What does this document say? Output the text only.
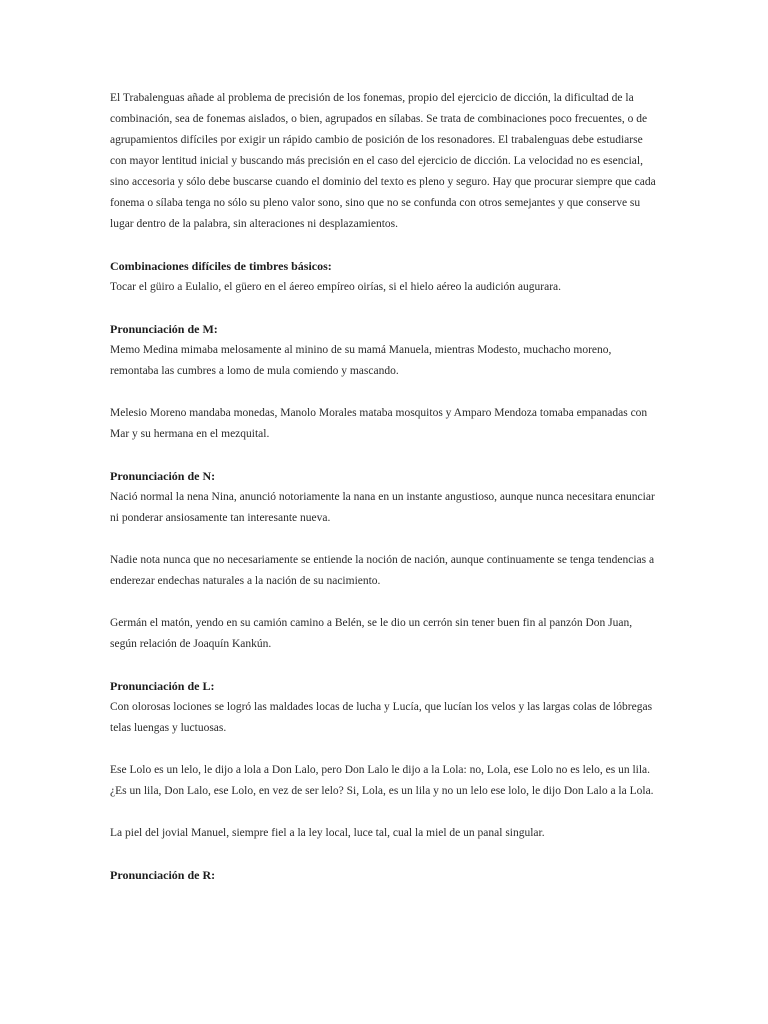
El Trabalenguas añade al problema de precisión de los fonemas, propio del ejercicio de dicción, la dificultad de la combinación, sea de fonemas aislados, o bien, agrupados en sílabas. Se trata de combinaciones poco frecuentes, o de agrupamientos difíciles por exigir un rápido cambio de posición de los resonadores. El trabalenguas debe estudiarse con mayor lentitud inicial y buscando más precisión en el caso del ejercicio de dicción. La velocidad no es esencial, sino accesoria y sólo debe buscarse cuando el dominio del texto es pleno y seguro. Hay que procurar siempre que cada fonema o sílaba tenga no sólo su pleno valor sono, sino que no se confunda con otros semejantes y que conserve su lugar dentro de la palabra, sin alteraciones ni desplazamientos.

Combinaciones difíciles de timbres básicos:

Tocar el güiro a Eulalio, el güero en el áereo empíreo oirías, si el hielo aéreo la audición augurara.

Pronunciación de M:

Memo Medina mimaba melosamente al minino de su mamá Manuela, mientras Modesto, muchacho moreno, remontaba las cumbres a lomo de mula comiendo y mascando.

Melesio Moreno mandaba monedas, Manolo Morales mataba mosquitos y Amparo Mendoza tomaba empanadas con Mar y su hermana en el mezquital.

Pronunciación de N:

Nació normal la nena Nina, anunció notoriamente la nana en un instante angustioso, aunque nunca necesitara enunciar ni ponderar ansiosamente tan interesante nueva.

Nadie nota nunca que no necesariamente se entiende la noción de nación, aunque continuamente se tenga tendencias a enderezar endechas naturales a la nación de su nacimiento.

Germán el matón, yendo en su camión camino a Belén, se le dio un cerrón sin tener buen fin al panzón Don Juan, según relación de Joaquín Kankún.

Pronunciación de L:

Con olorosas lociones se logró las maldades locas de lucha y Lucía, que lucían los velos y las largas colas de lóbregas telas luengas y luctuosas.

Ese Lolo es un lelo, le dijo a lola a Don Lalo, pero Don Lalo le dijo a la Lola: no, Lola, ese Lolo no es lelo, es un lila. ¿Es un lila, Don Lalo, ese Lolo, en vez de ser lelo? Si, Lola, es un lila y no un lelo ese lolo, le dijo Don Lalo a la Lola.

La piel del jovial Manuel, siempre fiel a la ley local, luce tal, cual la miel de un panal singular.

Pronunciación de R:
